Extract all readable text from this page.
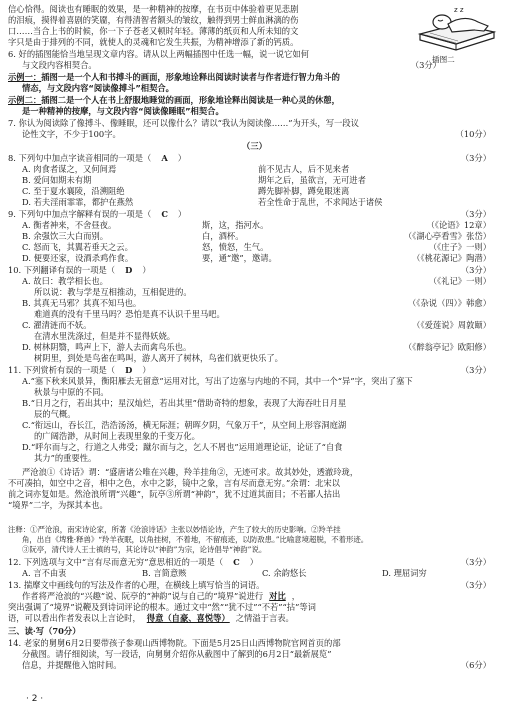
信心恰得。阅读也有睡眠的效果，是一种精神的按摩，在书页中体验着更见悲剧
的泪痕，摸得着喜剧的笑靥，有得清智者额头的皱纹，触得到男士鲜血淋漓的伤
口……当合上书的时候，你一下子苍老又顿时年轻。薄薄的纸页和人所未知的文
字只是由于排列的不同，就使人的灵魂和它发生共振，为精神增添了新的钙质。
z z
插图二
6. 好的插图能恰当地呈现文章内容。请从以上两幅插图中任选一幅，说一说它如何
与文段内容相契合。	（3分）
示例一：插图一是一个人和书搏斗的画面，形象地诠释出阅读时读者与作者进行智力角斗的
情态，与文段内容“阅读像搏斗”相契合。
示例二：插图二是一个人在书上舒服地睡觉的画面，形象地诠释出阅读是一种心灵的休憩，
是一种精神的按摩，与文段内容“阅读像睡眠”相契合。
7. 你认为阅读除了像搏斗、像睡眠，还可以像什么？请以“我认为阅读像……”为开头，写一段议
论性文字，不少于100字。	（10分）
（三）
8. 下列句中加点字读音相同的一项是（ A ）	（3分）
A. 肉食者谋之，又何间焉	前不见古人，后不见来者
B. 爱问如期未有期	期年之后，虽欲言，无可进者
C. 至于夏水襄陵，沿溯阻绝	蹲先脚补脚，蹲免眼迷离
D. 若夫淫雨霏霏，都护在燕然	若全性命于乱世，不求闻达于诸侯
9. 下列句中加点字解释有误的一项是（ C ）	（3分）
A. 衡者神来，不舍昼夜。	斯，这，指河水。	（《论语》12章）
B. 余强饮三大白而别。	白，酒杯。	（《湖心亭看雪》张岱）
C. 怒而飞，其翼若垂天之云。	怒，愤怒，生气。	（《庄子》一则）
D. 便要还家，设酒杀鸡作食。	要，通“邀”，邀请。	（《桃花源记》陶潜）
10. 下列翻译有误的一项是（ D ）	（3分）
A. 故曰：教学相长也。	（《礼记》一则）
所以说：教与学是互相推动，互相促进的。
B. 其真无马邪？其真不知马也。	（《杂说（四）》韩愈）
难道真的没有千里马吗？恐怕是真不认识千里马吧。
C. 濯清涟而不妖。	（《爱莲说》周敦颐）
在清水里洗涤过，但是并不显得妖娆。
D. 树林阴翳，鸣声上下，游人去而禽鸟乐也。	（《醉翁亭记》欧阳修）
树阴里，到处是鸟雀在鸣叫，游人离开了树林，鸟雀们就更快乐了。
11. 下列赏析有误的一项是（ D ）	（3分）
A.“塞下秋来风景异，衡阳雁去无留意”运用对比，写出了边塞与内地的不同，其中一个“异”字，突出了塞下
秋景与中原的不同。
B.“日月之行，若出其中；星汉灿烂，若出其里”借助奇特的想象，表现了大海吞吐日月星
辰的气概。
C.“衔远山，吞长江，浩浩汤汤，横无际涯；朝晖夕阴，气象万千”，从空间上形容洞庭湖
的广阔浩渺，从时间上表现里象的千变万化。
D.“呼尔而与之，行道之人弗受；蹴尔而与之，乞人不屑也”运用道理论证，论证了“自食
其力”的重要性。
严沧浪①《诗话》谓：“盛唐诸公唯在兴趣，羚羊挂角②，无迹可求。故其妙处，透澈玲珑，
不可凑拍，如空中之音，相中之色，水中之影，镜中之象，言有尽而意无穷。”余谓：北宋以
前之词亦复如是。然沧浪所谓“兴趣”，阮亭③所谓“神韵”，犹不过道其面目；不若鄙人拈出
“境界”二字，为探其本也。
注释：①严沧浪，南宋诗论家，所著《沧浪诗话》主张以妙悟论诗，产生了较大的历史影响。②羚羊挂
角，出自《埤雅·释兽》“羚羊夜眠，以角挂树，不着地，不留痕迹，以防敌患。”比喻意境超脱，不着形迹。
③阮亭，清代诗人王士禛的号，其论诗以“神韵”为宗，论诗倡导“神韵”说。
12. 下列选项与文中“言有尽而意无穷”意思相近的一项是（ C ）	（3分）
A. 言不由衷	B. 言简意赅	C. 余韵悠长	D. 理屈词穷
13. 揣摩文中画线句的写法及作者的心理，在横线上填写恰当的词语。	（3分）
作者将严沧浪的“兴趣”说、阮亭的“神韵”说与自己的“境界”说进行 对比 ，
突出强调了“境界”说鞭及到诗词评论的根本。通过文中“然”“犹不过”“不若”“拈”等词
语，可以看出作者发表以上言论时， 得意（自豪、喜悦等） 之情溢于言表。
三、读·写（70分）
14. 老家的舅舅6月2日要带孩子参观山西博物院。下面是5月25日山西博物院官网首页的部
分截图。请仔细阅读，写一段话，向舅舅介绍你从截图中了解到的6月2日“最新展览”
信息，并提醒他入馆时间。	（6分）
· 2 ·
